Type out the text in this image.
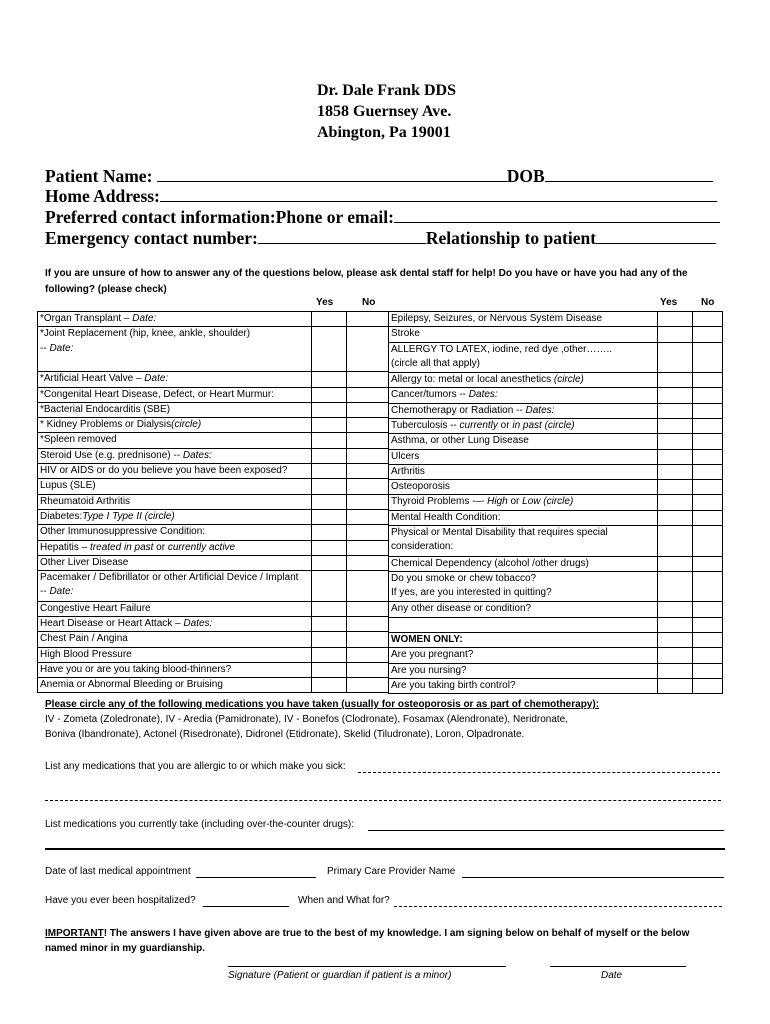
Dr. Dale Frank DDS
1858 Guernsey Ave.
Abington, Pa 19001
Patient Name:	DOB
Home Address:
Preferred contact information:Phone or email:
Emergency contact number:	Relationship to patient
If you are unsure of how to answer any of the questions below, please ask dental staff for help! Do you have or have you had any of the
following? (please check)
Yes	No	Yes No
*Organ Transplant – Date:		
*Joint Replacement (hip, knee, ankle, shoulder)
-- Date:		
*Artificial Heart Valve – Date:		
*Congenital Heart Disease, Defect, or Heart Murmur:		
*Bacterial Endocarditis (SBE)		
* Kidney Problems or Dialysis(circle)		
*Spleen removed		
Steroid Use (e.g. prednisone) -- Dates:		
HIV or AIDS or do you believe you have been exposed?		
Lupus (SLE)		
Rheumatoid Arthritis		
Diabetes:Type I Type II (circle)		
Other Immunosuppressive Condition:		
Hepatitis – treated in past or currently active		
Other Liver Disease		
Pacemaker / Defibrillator or other Artificial Device / Implant
-- Date:		
Congestive Heart Failure		
Heart Disease or Heart Attack – Dates:		
Chest Pain / Angina		
High Blood Pressure		
Have you or are you taking blood-thinners?		
Anemia or Abnormal Bleeding or Bruising		
Epilepsy, Seizures, or Nervous System Disease		
Stroke		
ALLERGY TO LATEX, iodine, red dye ,other……..
(circle all that apply)		
Allergy to: metal or local anesthetics (circle)		
Cancer/tumors -- Dates:		
Chemotherapy or Radiation -- Dates:		
Tuberculosis -- currently or in past (circle)		
Asthma, or other Lung Disease		
Ulcers		
Arthritis		
Osteoporosis		
Thyroid Problems -–- High or Low (circle)		
Mental Health Condition:		
Physical or Mental Disability that requires special
consideration:		
Chemical Dependency (alcohol /other drugs)		
Do you smoke or chew tobacco?
If yes, are you interested in quitting?		
Any other disease or condition?		

WOMEN ONLY:		
Are you pregnant?		
Are you nursing?		
Are you taking birth control?		
Please circle any of the following medications you have taken (usually for osteoporosis or as part of chemotherapy):
IV - Zometa (Zoledronate), IV - Aredia (Pamidronate), IV - Bonefos (Clodronate), Fosamax (Alendronate), Neridronate,
Boniva (Ibandronate), Actonel (Risedronate), Didronel (Etidronate), Skelid (Tiludronate), Loron, Olpadronate.
List any medications that you are allergic to or which make you sick:
List medications you currently take (including over-the-counter drugs):
Date of last medical appointment	Primary Care Provider Name
Have you ever been hospitalized?	When and What for?
IMPORTANT! The answers I have given above are true to the best of my knowledge. I am signing below on behalf of myself or the below
named minor in my guardianship.
Signature (Patient or guardian if patient is a minor)	Date
